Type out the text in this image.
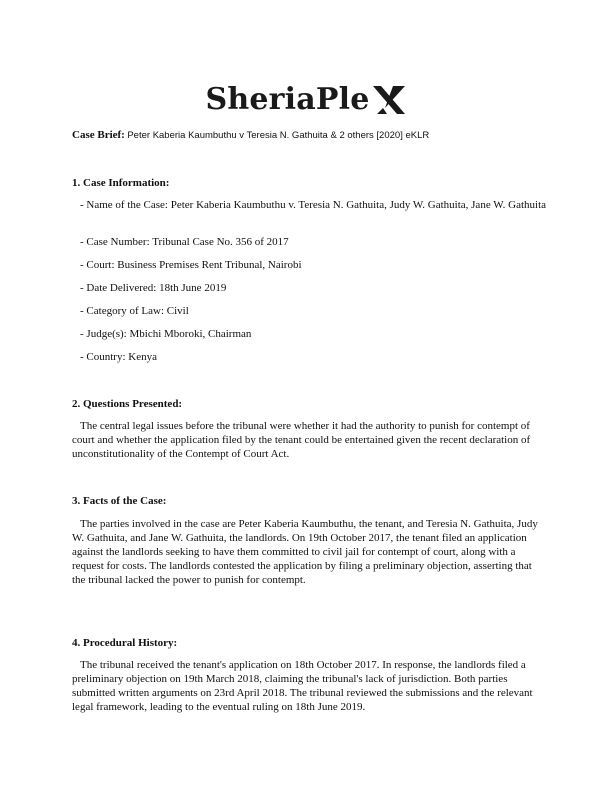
SheriaPle
Case Brief: Peter Kaberia Kaumbuthu v Teresia N. Gathuita & 2 others [2020] eKLR
1. Case Information:
- Name of the Case: Peter Kaberia Kaumbuthu v. Teresia N. Gathuita, Judy W. Gathuita, Jane W. Gathuita
- Case Number: Tribunal Case No. 356 of 2017
- Court: Business Premises Rent Tribunal, Nairobi
- Date Delivered: 18th June 2019
- Category of Law: Civil
- Judge(s): Mbichi Mboroki, Chairman
- Country: Kenya
2. Questions Presented:
The central legal issues before the tribunal were whether it had the authority to punish for contempt of court and whether the application filed by the tenant could be entertained given the recent declaration of unconstitutionality of the Contempt of Court Act.
3. Facts of the Case:
The parties involved in the case are Peter Kaberia Kaumbuthu, the tenant, and Teresia N. Gathuita, Judy W. Gathuita, and Jane W. Gathuita, the landlords. On 19th October 2017, the tenant filed an application against the landlords seeking to have them committed to civil jail for contempt of court, along with a request for costs. The landlords contested the application by filing a preliminary objection, asserting that the tribunal lacked the power to punish for contempt.
4. Procedural History:
The tribunal received the tenant's application on 18th October 2017. In response, the landlords filed a preliminary objection on 19th March 2018, claiming the tribunal's lack of jurisdiction. Both parties submitted written arguments on 23rd April 2018. The tribunal reviewed the submissions and the relevant legal framework, leading to the eventual ruling on 18th June 2019.
